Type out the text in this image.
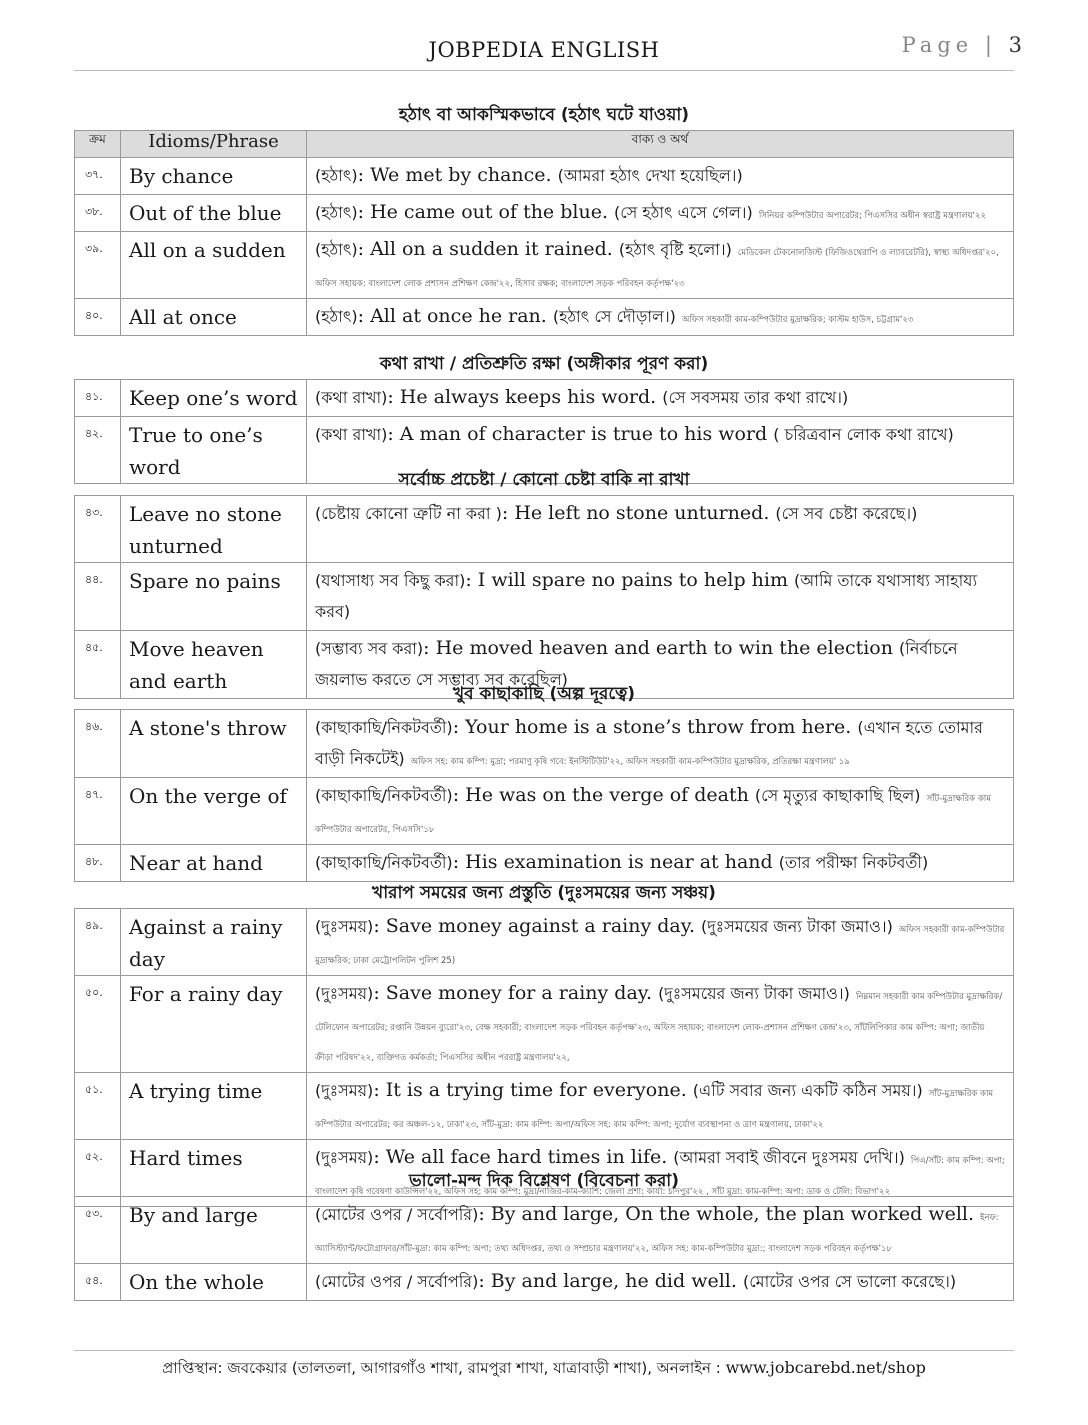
JOBPEDIA ENGLISH	Page | 3
হঠাৎ বা আকস্মিকভাবে (হঠাৎ ঘটে যাওয়া)
ক্রম	Idioms/Phrase	বাক্য ও অর্থ
৩৭.	By chance	(হঠাৎ): We met by chance. (আমরা হঠাৎ দেখা হয়েছিল।)
৩৮.	Out of the blue	(হঠাৎ): He came out of the blue. (সে হঠাৎ এসে গেল।) সিনিয়র কম্পিউটার অপারেটর; পিএসসির অধীন স্বরাষ্ট্র মন্ত্রণালয়'২২
৩৯.	All on a sudden	(হঠাৎ): All on a sudden it rained. (হঠাৎ বৃষ্টি হলো।) মেডিকেল টেকনোলজিস্ট (ফিজিওথেরাপি ও ল্যাবরেটরি), স্বাস্থ্য অধিদপ্তর'২০, অফিস সহায়ক: বাংলাদেশ লোক প্রশাসন প্রশিক্ষণ কেন্দ্র'২২, হিসাব রক্ষক; বাংলাদেশ সড়ক পরিবহন কর্তৃপক্ষ'২৩
৪০.	All at once	(হঠাৎ): All at once he ran. (হঠাৎ সে দৌড়াল।) অফিস সহকারী কাম-কম্পিউটার মুদ্রাক্ষরিক; কাস্টম হাউস, চট্টগ্রাম'২৩
কথা রাখা / প্রতিশ্রুতি রক্ষা (অঙ্গীকার পূরণ করা)
৪১.	Keep one’s word	(কথা রাখা): He always keeps his word. (সে সবসময় তার কথা রাখে।)
৪২.	True to one’s word	(কথা রাখা): A man of character is true to his word ( চরিত্রবান লোক কথা রাখে)
সর্বোচ্চ প্রচেষ্টা / কোনো চেষ্টা বাকি না রাখা
৪৩.	Leave no stone unturned	(চেষ্টায় কোনো ত্রুটি না করা ): He left no stone unturned. (সে সব চেষ্টা করেছে।)
৪৪.	Spare no pains	(যথাসাধ্য সব কিছু করা): I will spare no pains to help him (আমি তাকে যথাসাধ্য সাহায্য করব)
৪৫.	Move heaven and earth	(সম্ভাব্য সব করা): He moved heaven and earth to win the election (নির্বাচনে জয়লাভ করতে সে সম্ভাব্য সব করেছিল)
খুব কাছাকাছি (অল্প দূরত্বে)
৪৬.	A stone's throw	(কাছাকাছি/নিকটবর্তী): Your home is a stone’s throw from here. (এখান হতে তোমার বাড়ী নিকটেই) অফিস সহ: কাম কম্পি: মুদ্রা; পরমাণু কৃষি গবে: ইনস্টিটিউট'২২, অফিস সহকারী কাম-কম্পিউটার মুদ্রাক্ষরিক, প্রতিরক্ষা মন্ত্রণালয়' ১৯
৪৭.	On the verge of	(কাছাকাছি/নিকটবর্তী): He was on the verge of death (সে মৃত্যুর কাছাকাছি ছিল) সাঁট-মুদ্রাক্ষরিক কাম কম্পিউটার অপারেটর, পিএসসি'১৮
৪৮.	Near at hand	(কাছাকাছি/নিকটবর্তী): His examination is near at hand (তার পরীক্ষা নিকটবর্তী)
খারাপ সময়ের জন্য প্রস্তুতি (দুঃসময়ের জন্য সঞ্চয়)
৪৯.	Against a rainy day	(দুঃসময়): Save money against a rainy day. (দুঃসময়ের জন্য টাকা জমাও।) অফিস সহকারী কাম-কম্পিউটার মুদ্রাক্ষরিক; ঢাকা মেট্রোপলিটন পুলিশ 25)
৫০.	For a rainy day	(দুঃসময়): Save money for a rainy day. (দুঃসময়ের জন্য টাকা জমাও।) নিম্নমান সহকারী কাম কম্পিউটার মুদ্রাক্ষরিক/টেলিফোন অপারেটর; রপ্তানি উন্নয়ন ব্যুরো'২৩, বেক্ষ সহকারী; বাংলাদেশ সড়ক পরিবহন কর্তৃপক্ষ'২৩, অফিস সহায়ক; বাংলাদেশ লোক-প্রশাসন প্রশিক্ষণ কেন্দ্র'২৩, সাঁটলিপিকার কাম কম্পি: অপা; জাতীয় ক্রীড়া পরিষদ'২২, ব্যক্তিগত কর্মকর্তা; পিএসসির অধীন পররাষ্ট্র মন্ত্রণালয়'২২,
৫১.	A trying time	(দুঃসময়): It is a trying time for everyone. (এটি সবার জন্য একটি কঠিন সময়।) সাঁট-মুদ্রাক্ষরিক কাম কম্পিউটার অপারেটর; কর অঞ্চল-১২, ঢাকা'২৩, সাঁট-মুদ্রা: কাম কম্পি: অপা/অফিস সহ: কাম কম্পি: অপা; দুর্যোগ ব্যবস্থাপনা ও ত্রাণ মন্ত্রণালয়, ঢাকা'২২
৫২.	Hard times	(দুঃসময়): We all face hard times in life. (আমরা সবাই জীবনে দুঃসময় দেখি।) পিএ/সাঁট: কাম কম্পি: অপা; বাংলাদেশ কৃষি গবেষণা কাউন্সিল'২২, অফিস সহ: কাম কম্পি: মুদ্রা/নাজির-কাম-ক্যাশি: জেলা প্রশা: কার্যা: চাঁদপুর'২২ , সাঁট মুদ্রা: কাম-কম্পি: অপা: ডাক ও টেলি: বিভাগ'২২
ভালো-মন্দ দিক বিশ্লেষণ (বিবেচনা করা)
৫৩.	By and large	(মোটের ওপর / সর্বোপরি): By and large, On the whole, the plan worked well. ইনফ: অ্যাসিস্ট্যান্ট/ফটোগ্রাফার/সাঁট-মুদ্রা: কাম কম্পি: অপা; তথ্য অধিদপ্তর, তথ্য ও সম্প্রচার মন্ত্রণালয়'২২, অফিস সহ: কাম-কম্পিউটার মুদ্রা:; বাংলাদেশ সড়ক পরিবহন কর্তৃপক্ষ'১৮
৫৪.	On the whole	(মোটের ওপর / সর্বোপরি): By and large, he did well. (মোটের ওপর সে ভালো করেছে।)
প্রাপ্তিস্থান: জবকেয়ার (তালতলা, আগারগাঁও শাখা, রামপুরা শাখা, যাত্রাবাড়ী শাখা), অনলাইন : www.jobcarebd.net/shop
